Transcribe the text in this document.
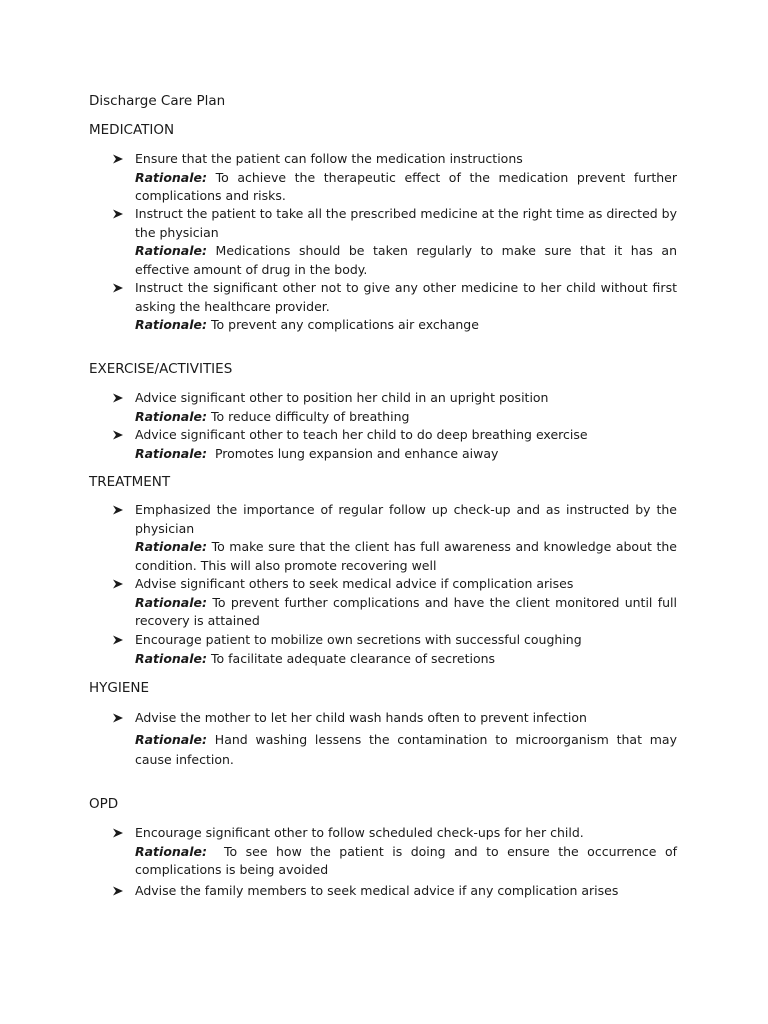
Discharge Care Plan
MEDICATION
Ensure that the patient can follow the medication instructions
Rationale: To achieve the therapeutic effect of the medication prevent further complications and risks.
Instruct the patient to take all the prescribed medicine at the right time as directed by the physician
Rationale: Medications should be taken regularly to make sure that it has an effective amount of drug in the body.
Instruct the significant other not to give any other medicine to her child without first asking the healthcare provider.
Rationale: To prevent any complications air exchange
EXERCISE/ACTIVITIES
Advice significant other to position her child in an upright position
Rationale: To reduce difficulty of breathing
Advice significant other to teach her child to do deep breathing exercise
Rationale:  Promotes lung expansion and enhance aiway
TREATMENT
Emphasized the importance of regular follow up check-up and as instructed by the physician
Rationale: To make sure that the client has full awareness and knowledge about the condition. This will also promote recovering well
Advise significant others to seek medical advice if complication arises
Rationale: To prevent further complications and have the client monitored until full recovery is attained
Encourage patient to mobilize own secretions with successful coughing
Rationale: To facilitate adequate clearance of secretions
HYGIENE
Advise the mother to let her child wash hands often to prevent infection
Rationale: Hand washing lessens the contamination to microorganism that may cause infection.
OPD
Encourage significant other to follow scheduled check-ups for her child.
Rationale:  To see how the patient is doing and to ensure the occurrence of complications is being avoided
Advise the family members to seek medical advice if any complication arises
